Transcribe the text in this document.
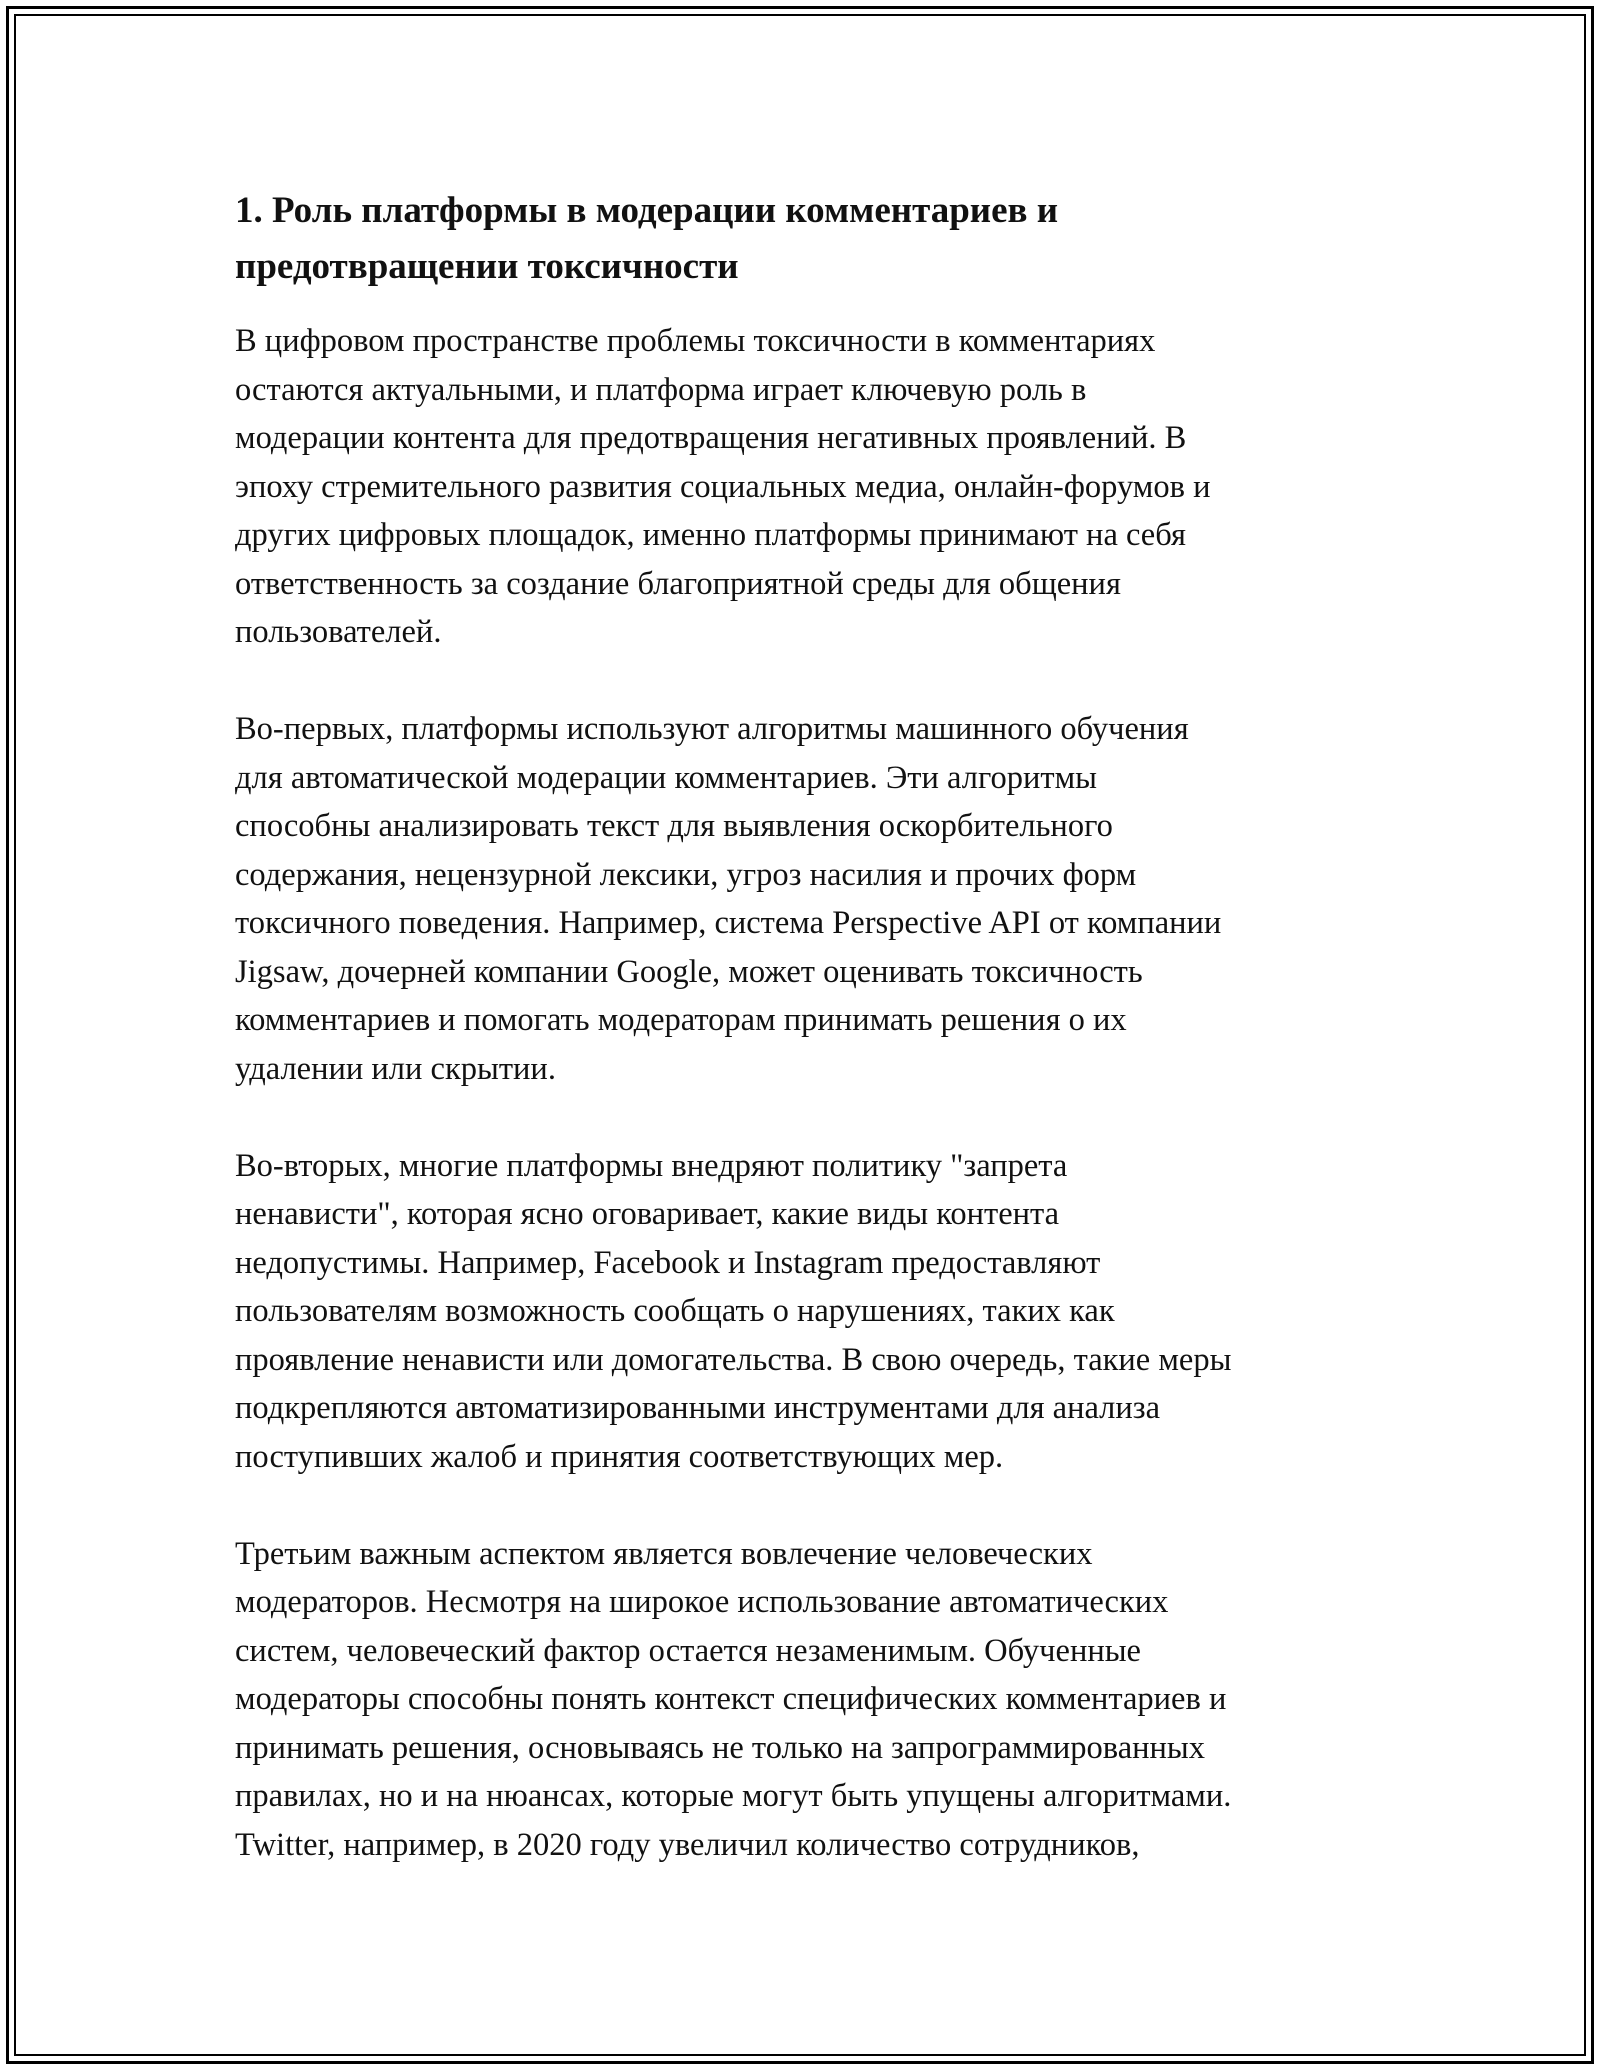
1. Роль платформы в модерации комментариев и
предотвращении токсичности

В цифровом пространстве проблемы токсичности в комментариях
остаются актуальными, и платформа играет ключевую роль в
модерации контента для предотвращения негативных проявлений. В
эпоху стремительного развития социальных медиа, онлайн-форумов и
других цифровых площадок, именно платформы принимают на себя
ответственность за создание благоприятной среды для общения
пользователей.

Во-первых, платформы используют алгоритмы машинного обучения
для автоматической модерации комментариев. Эти алгоритмы
способны анализировать текст для выявления оскорбительного
содержания, нецензурной лексики, угроз насилия и прочих форм
токсичного поведения. Например, система Perspective API от компании
Jigsaw, дочерней компании Google, может оценивать токсичность
комментариев и помогать модераторам принимать решения о их
удалении или скрытии.

Во-вторых, многие платформы внедряют политику "запрета
ненависти", которая ясно оговаривает, какие виды контента
недопустимы. Например, Facebook и Instagram предоставляют
пользователям возможность сообщать о нарушениях, таких как
проявление ненависти или домогательства. В свою очередь, такие меры
подкрепляются автоматизированными инструментами для анализа
поступивших жалоб и принятия соответствующих мер.

Третьим важным аспектом является вовлечение человеческих
модераторов. Несмотря на широкое использование автоматических
систем, человеческий фактор остается незаменимым. Обученные
модераторы способны понять контекст специфических комментариев и
принимать решения, основываясь не только на запрограммированных
правилах, но и на нюансах, которые могут быть упущены алгоритмами.
Twitter, например, в 2020 году увеличил количество сотрудников,
